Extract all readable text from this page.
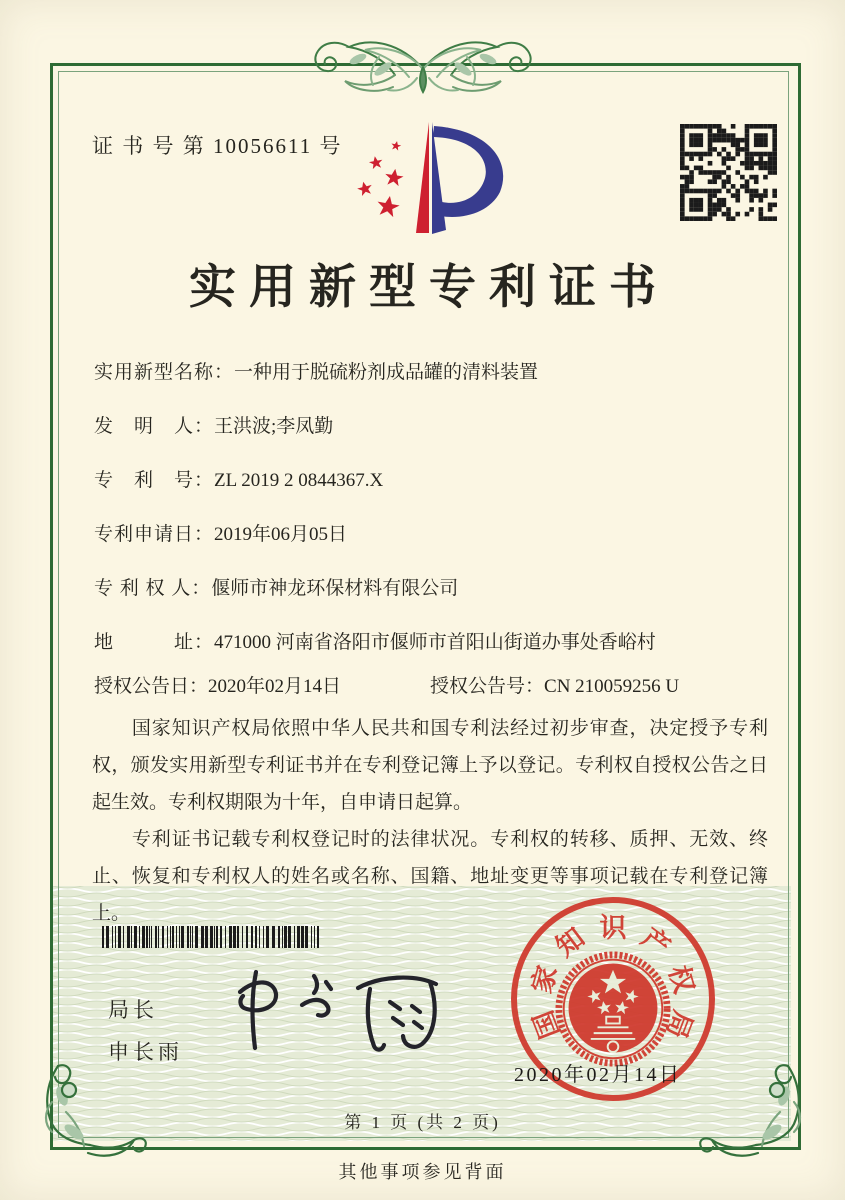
证 书 号 第 10056611 号
实用新型专利证书
实用新型名称：一种用于脱硫粉剂成品罐的清料装置
发　明　人：王洪波;李凤勤
专　利　号：ZL 2019 2 0844367.X
专利申请日：2019年06月05日
专 利 权 人：偃师市神龙环保材料有限公司
地　　　址：471000 河南省洛阳市偃师市首阳山街道办事处香峪村
授权公告日：2020年02月14日	授权公告号：CN 210059256 U

国家知识产权局依照中华人民共和国专利法经过初步审查，决定授予专利权，颁发实用新型专利证书并在专利登记簿上予以登记。专利权自授权公告之日起生效。专利权期限为十年，自申请日起算。

专利证书记载专利权登记时的法律状况。专利权的转移、质押、无效、终止、恢复和专利权人的姓名或名称、国籍、地址变更等事项记载在专利登记簿上。

局长
申长雨
国
家
知 识 产
权
局
2020年02月14日
第 1 页 (共 2 页)
其他事项参见背面
